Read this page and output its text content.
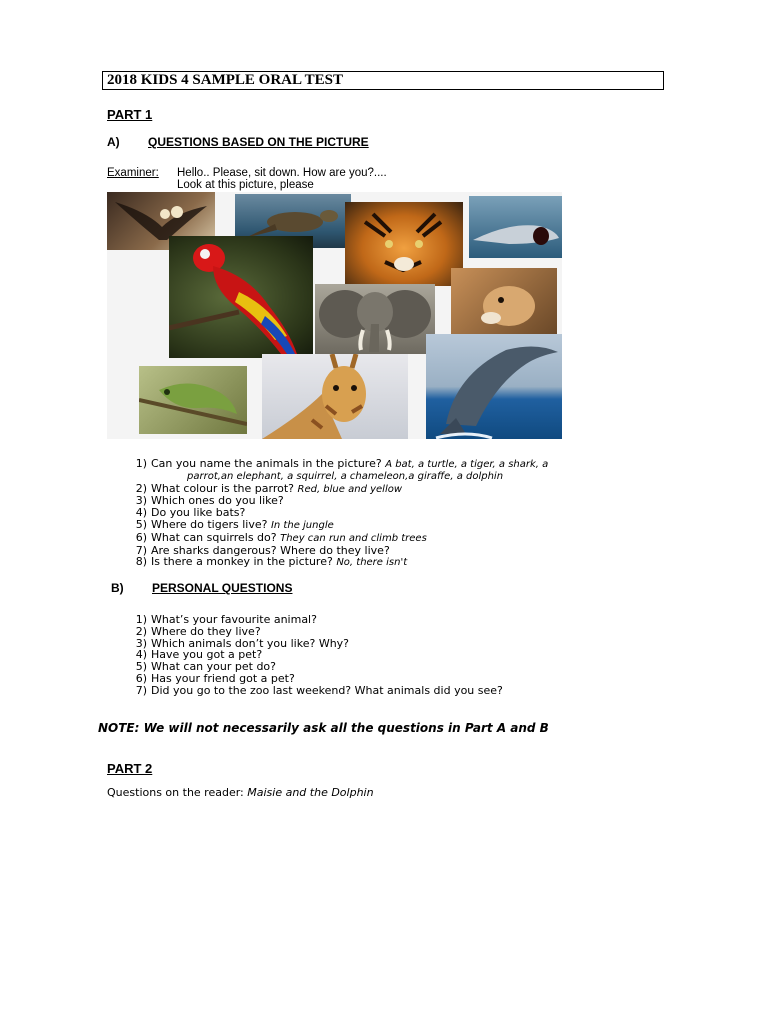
2018 KIDS 4 SAMPLE ORAL TEST
PART 1
A) QUESTIONS BASED ON THE PICTURE
Examiner: Hello.. Please, sit down. How are you?....
Look at this picture, please
1) Can you name the animals in the picture? A bat, a turtle, a tiger, a shark, a
parrot,an elephant, a squirrel, a chameleon,a giraffe, a dolphin
2) What colour is the parrot? Red, blue and yellow
3) Which ones do you like?
4) Do you like bats?
5) Where do tigers live? In the jungle
6) What can squirrels do? They can run and climb trees
7) Are sharks dangerous? Where do they live?
8) Is there a monkey in the picture? No, there isn't
B) PERSONAL QUESTIONS
1) What’s your favourite animal?
2) Where do they live?
3) Which animals don’t you like? Why?
4) Have you got a pet?
5) What can your pet do?
6) Has your friend got a pet?
7) Did you go to the zoo last weekend? What animals did you see?
NOTE: We will not necessarily ask all the questions in Part A and B
PART 2
Questions on the reader: Maisie and the Dolphin
